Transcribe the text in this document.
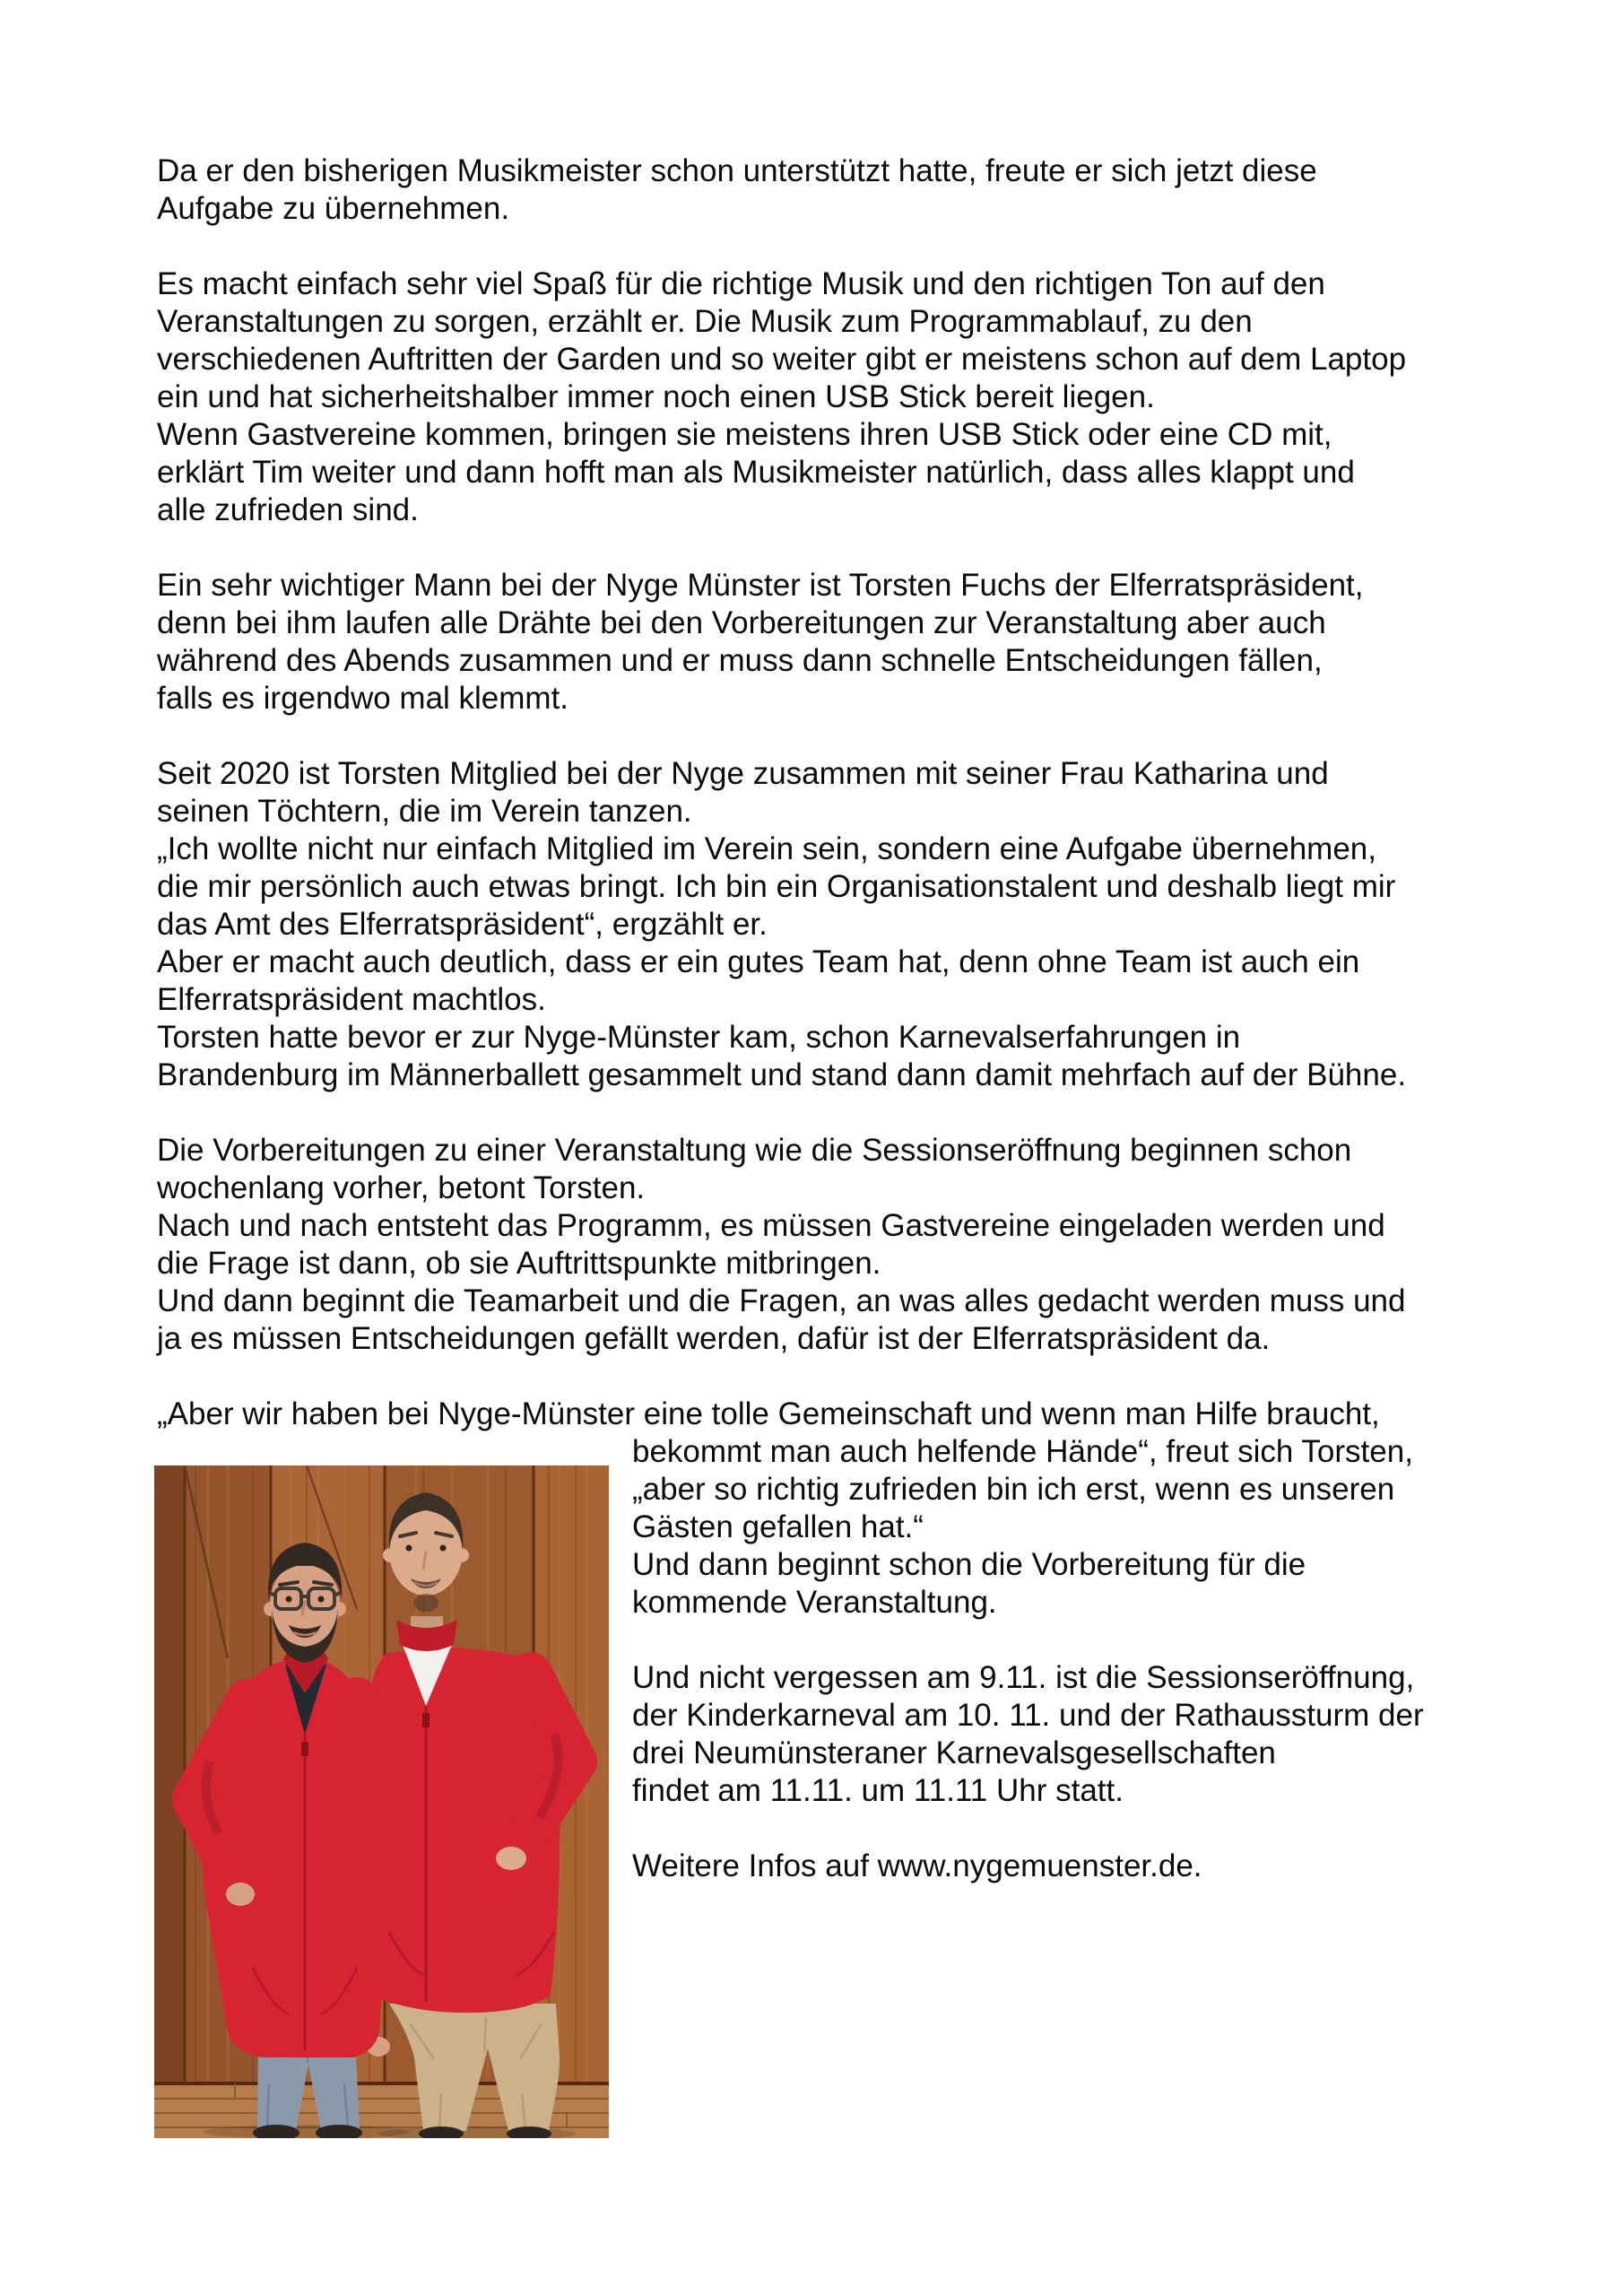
Da er den bisherigen Musikmeister schon unterstützt hatte, freute er sich jetzt diese
Aufgabe zu übernehmen.
Es macht einfach sehr viel Spaß für die richtige Musik und den richtigen Ton auf den
Veranstaltungen zu sorgen, erzählt er. Die Musik zum Programmablauf, zu den
verschiedenen Auftritten der Garden und so weiter gibt er meistens schon auf dem Laptop
ein und hat sicherheitshalber immer noch einen USB Stick bereit liegen.
Wenn Gastvereine kommen, bringen sie meistens ihren USB Stick oder eine CD mit,
erklärt Tim weiter und dann hofft man als Musikmeister natürlich, dass alles klappt und
alle zufrieden sind.
Ein sehr wichtiger Mann bei der Nyge Münster ist Torsten Fuchs der Elferratspräsident,
denn bei ihm laufen alle Drähte bei den Vorbereitungen zur Veranstaltung aber auch
während des Abends zusammen und er muss dann schnelle Entscheidungen fällen,
falls es irgendwo mal klemmt.
Seit 2020 ist Torsten Mitglied bei der Nyge zusammen mit seiner Frau Katharina und
seinen Töchtern, die im Verein tanzen.
„Ich wollte nicht nur einfach Mitglied im Verein sein, sondern eine Aufgabe übernehmen,
die mir persönlich auch etwas bringt. Ich bin ein Organisationstalent und deshalb liegt mir
das Amt des Elferratspräsident“, ergzählt er.
Aber er macht auch deutlich, dass er ein gutes Team hat, denn ohne Team ist auch ein
Elferratspräsident machtlos.
Torsten hatte bevor er zur Nyge-Münster kam, schon Karnevalserfahrungen in
Brandenburg im Männerballett gesammelt und stand dann damit mehrfach auf der Bühne.
Die Vorbereitungen zu einer Veranstaltung wie die Sessionseröffnung beginnen schon
wochenlang vorher, betont Torsten.
Nach und nach entsteht das Programm, es müssen Gastvereine eingeladen werden und
die Frage ist dann, ob sie Auftrittspunkte mitbringen.
Und dann beginnt die Teamarbeit und die Fragen, an was alles gedacht werden muss und
ja es müssen Entscheidungen gefällt werden, dafür ist der Elferratspräsident da.
„Aber wir haben bei Nyge-Münster eine tolle Gemeinschaft und wenn man Hilfe braucht,
bekommt man auch helfende Hände“, freut sich Torsten,
„aber so richtig zufrieden bin ich erst, wenn es unseren
Gästen gefallen hat.“
Und dann beginnt schon die Vorbereitung für die
kommende Veranstaltung.
Und nicht vergessen am 9.11. ist die Sessionseröffnung,
der Kinderkarneval am 10. 11. und der Rathaussturm der
drei Neumünsteraner Karnevalsgesellschaften
findet am 11.11. um 11.11 Uhr statt.
Weitere Infos auf www.nygemuenster.de.
